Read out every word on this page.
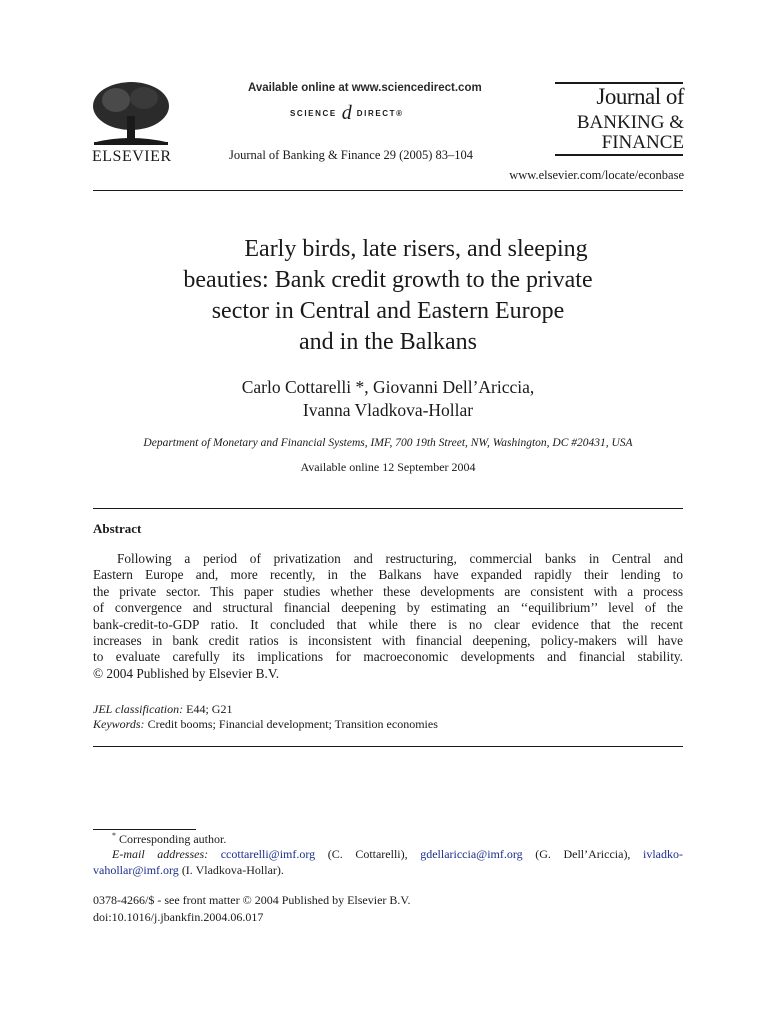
ELSEVIER
Available online at www.sciencedirect.com
SCIENCE d DIRECT®
Journal of Banking & Finance 29 (2005) 83–104
Journal of
BANKING &
FINANCE
www.elsevier.com/locate/econbase
Early birds, late risers, and sleeping
beauties: Bank credit growth to the private
sector in Central and Eastern Europe
and in the Balkans
Carlo Cottarelli *, Giovanni Dell’Ariccia,
Ivanna Vladkova-Hollar
Department of Monetary and Financial Systems, IMF, 700 19th Street, NW, Washington, DC #20431, USA
Available online 12 September 2004
Abstract
Following a period of privatization and restructuring, commercial banks in Central and
Eastern Europe and, more recently, in the Balkans have expanded rapidly their lending to
the private sector. This paper studies whether these developments are consistent with a process
of convergence and structural financial deepening by estimating an ‘‘equilibrium’’ level of the
bank-credit-to-GDP ratio. It concluded that while there is no clear evidence that the recent
increases in bank credit ratios is inconsistent with financial deepening, policy-makers will have
to evaluate carefully its implications for macroeconomic developments and financial stability.
© 2004 Published by Elsevier B.V.
JEL classification: E44; G21
Keywords: Credit booms; Financial development; Transition economies
* Corresponding author.
E-mail addresses: ccottarelli@imf.org (C. Cottarelli), gdellariccia@imf.org (G. Dell’Ariccia), ivladko-
vahollar@imf.org (I. Vladkova-Hollar).
0378-4266/$ - see front matter © 2004 Published by Elsevier B.V.
doi:10.1016/j.jbankfin.2004.06.017
